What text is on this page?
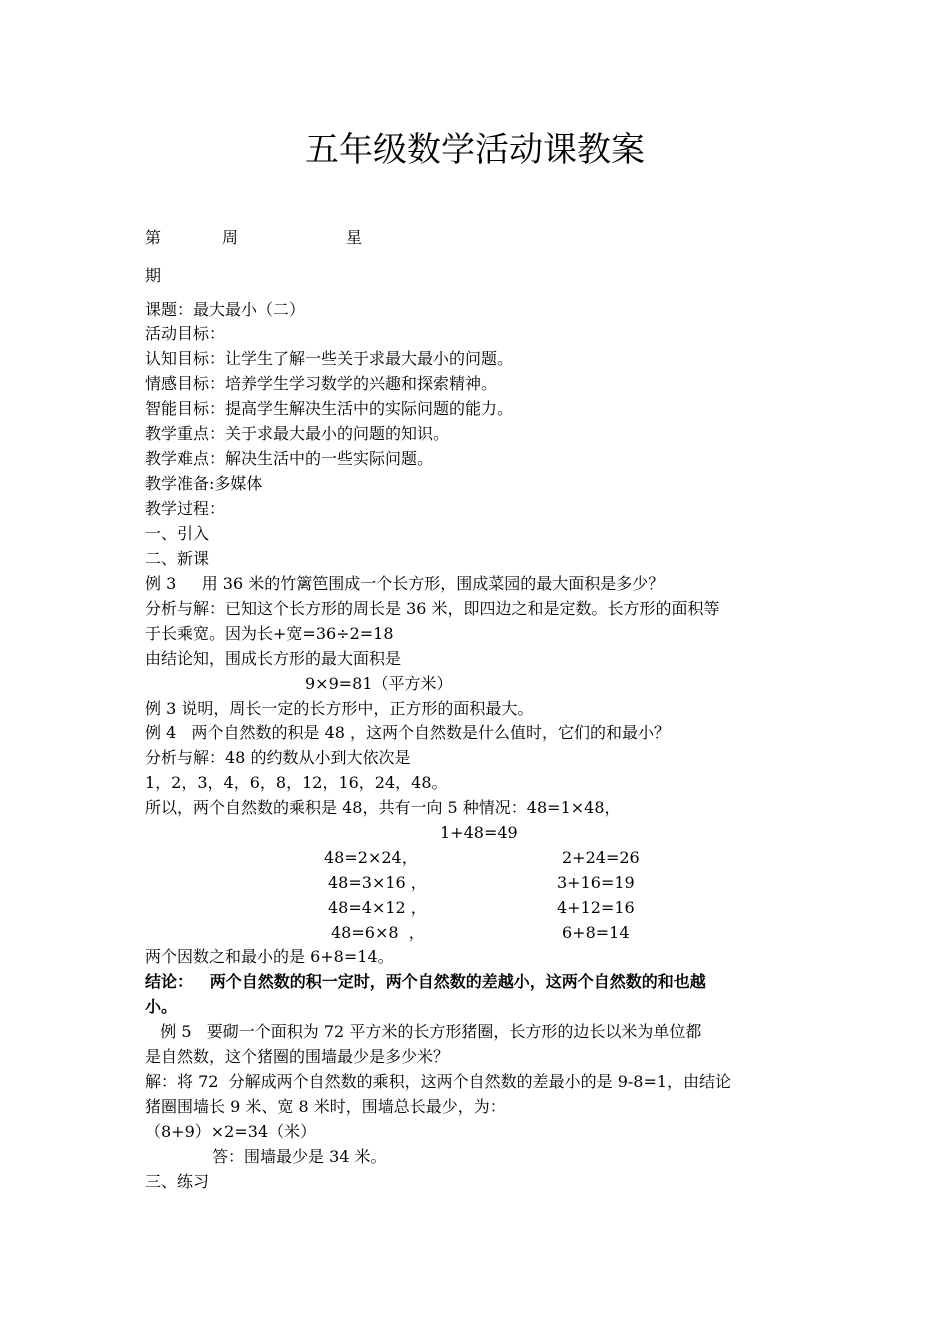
五年级数学活动课教案
第	周	星
期
课题：最大最小（二）
活动目标：
认知目标：让学生了解一些关于求最大最小的问题。
情感目标：培养学生学习数学的兴趣和探索精神。
智能目标：提高学生解决生活中的实际问题的能力。
教学重点：关于求最大最小的问题的知识。
教学难点：解决生活中的一些实际问题。
教学准备:多媒体
教学过程：
一、引入
二、新课
例 3     用 36 米的竹篱笆围成一个长方形，围成菜园的最大面积是多少？
分析与解：已知这个长方形的周长是 36 米，即四边之和是定数。长方形的面积等
于长乘宽。因为长+宽=36÷2=18
由结论知，围成长方形的最大面积是
9×9=81（平方米）
例 3 说明，周长一定的长方形中，正方形的面积最大。
例 4   两个自然数的积是 48 ，这两个自然数是什么值时，它们的和最小？
分析与解：48 的约数从小到大依次是
1，2，3，4，6，8，12，16，24，48。
所以，两个自然数的乘积是 48，共有一向 5 种情况：48=1×48，
1+48=49
48=2×24，	2+24=26
48=3×16 ，	3+16=19
48=4×12 ，	4+12=16
48=6×8  ，	6+8=14
两个因数之和最小的是 6+8=14。
结论：   两个自然数的积一定时，两个自然数的差越小，这两个自然数的和也越
小。
例 5   要砌一个面积为 72 平方米的长方形猪圈，长方形的边长以米为单位都
是自然数，这个猪圈的围墙最少是多少米？
解：将 72  分解成两个自然数的乘积，这两个自然数的差最小的是 9-8=1，由结论
猪圈围墙长 9 米、宽 8 米时，围墙总长最少，为：
（8+9）×2=34（米）
答：围墙最少是 34 米。
三、练习
